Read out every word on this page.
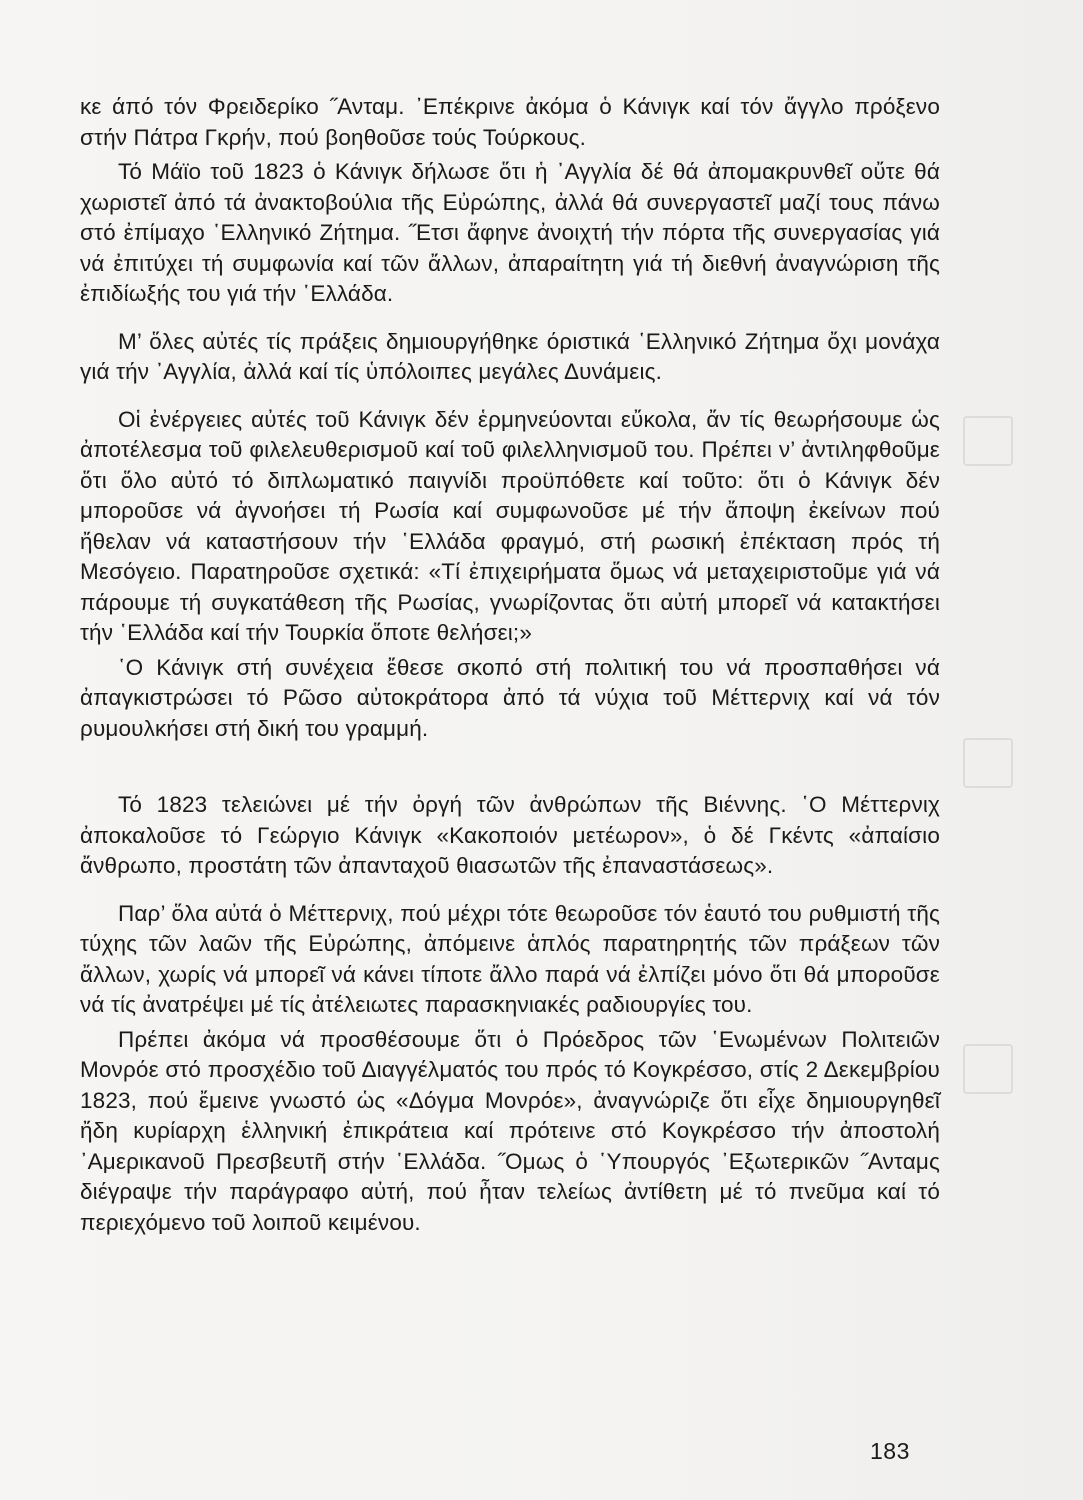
κε άπό τόν Φρειδερίκο ˝Ανταμ. ᾿Επέκρινε ἀκόμα ὁ Κάνιγκ καί τόν ἄγγλο πρόξενο στήν Πάτρα Γκρήν, πού βοηθοῦσε τούς Τούρκους.

Τό Μάϊο τοῦ 1823 ὁ Κάνιγκ δήλωσε ὅτι ἡ ᾿Αγγλία δέ θά ἀπομακρυνθεῖ οὔτε θά χωριστεῖ ἀπό τά ἀνακτοβούλια τῆς Εὐρώπης, ἀλλά θά συνεργαστεῖ μαζί τους πάνω στό ἐπίμαχο ῾Ελληνικό Ζήτημα. ˝Ετσι ἄφηνε ἀνοιχτή τήν πόρτα τῆς συνεργασίας γιά νά ἐπιτύχει τή συμφωνία καί τῶν ἄλλων, ἀπαραίτητη γιά τή διεθνή ἀναγνώριση τῆς ἐπιδίωξής του γιά τήν ῾Ελλάδα.

Μ’ ὅλες αὐτές τίς πράξεις δημιουργήθηκε όριστικά ῾Ελληνικό Ζήτημα ὄχι μονάχα γιά τήν ᾿Αγγλία, ἀλλά καί τίς ὑπόλοιπες μεγάλες Δυνάμεις.

Οἱ ἐνέργειες αὐτές τοῦ Κάνιγκ δέν ἑρμηνεύονται εὔκολα, ἄν τίς θεωρήσουμε ὡς ἀποτέλεσμα τοῦ φιλελευθερισμοῦ καί τοῦ φιλελληνισμοῦ του. Πρέπει ν’ ἀντιληφθοῦμε ὅτι ὅλο αὐτό τό διπλωματικό παιγνίδι προϋπόθετε καί τοῦτο: ὅτι ὁ Κάνιγκ δέν μποροῦσε νά ἀγνοήσει τή Ρωσία καί συμφωνοῦσε μέ τήν ἄποψη ἐκείνων πού ἤθελαν νά καταστήσουν τήν ῾Ελλάδα φραγμό, στή ρωσική ἐπέκταση πρός τή Μεσόγειο. Παρατηροῦσε σχετικά: «Τί ἐπιχειρήματα ὅμως νά μεταχειριστοῦμε γιά νά πάρουμε τή συγκατάθεση τῆς Ρωσίας, γνωρίζοντας ὅτι αὐτή μπορεῖ νά κατακτήσει τήν ῾Ελλάδα καί τήν Τουρκία ὅποτε θελήσει;»

῾Ο Κάνιγκ στή συνέχεια ἔθεσε σκοπό στή πολιτική του νά προσπαθήσει νά ἀπαγκιστρώσει τό Ρῶσο αὐτοκράτορα ἀπό τά νύχια τοῦ Μέττερνιχ καί νά τόν ρυμουλκήσει στή δική του γραμμή.

Τό 1823 τελειώνει μέ τήν ὀργή τῶν ἀνθρώπων τῆς Βιέννης. ῾Ο Μέττερνιχ ἀποκαλοῦσε τό Γεώργιο Κάνιγκ «Κακοποιόν μετέωρον», ὁ δέ Γκέντς «ἀπαίσιο ἄνθρωπο, προστάτη τῶν ἀπανταχοῦ θιασωτῶν τῆς ἐπαναστάσεως».

Παρ’ ὅλα αὐτά ὁ Μέττερνιχ, πού μέχρι τότε θεωροῦσε τόν ἑαυτό του ρυθμιστή τῆς τύχης τῶν λαῶν τῆς Εὐρώπης, ἀπόμεινε ἁπλός παρατηρητής τῶν πράξεων τῶν ἄλλων, χωρίς νά μπορεῖ νά κάνει τίποτε ἄλλο παρά νά ἐλπίζει μόνο ὅτι θά μποροῦσε νά τίς ἀνατρέψει μέ τίς ἀτέλειωτες παρασκηνιακές ραδιουργίες του.

Πρέπει ἀκόμα νά προσθέσουμε ὅτι ὁ Πρόεδρος τῶν ῾Ενωμένων Πολιτειῶν Μονρόε στό προσχέδιο τοῦ Διαγγέλματός του πρός τό Κογκρέσσο, στίς 2 Δεκεμβρίου 1823, πού ἔμεινε γνωστό ὡς «Δόγμα Μονρόε», ἀναγνώριζε ὅτι εἶχε δημιουργηθεῖ ἤδη κυρίαρχη ἑλληνική ἐπικράτεια καί πρότεινε στό Κογκρέσσο τήν ἀποστολή ᾿Αμερικανοῦ Πρεσβευτῆ στήν ῾Ελλάδα. ˝Ομως ὁ ῾Υπουργός ᾿Εξωτερικῶν ˝Ανταμς διέγραψε τήν παράγραφο αὐτή, πού ἦταν τελείως ἀντίθετη μέ τό πνεῦμα καί τό περιεχόμενο τοῦ λοιποῦ κειμένου.

183
